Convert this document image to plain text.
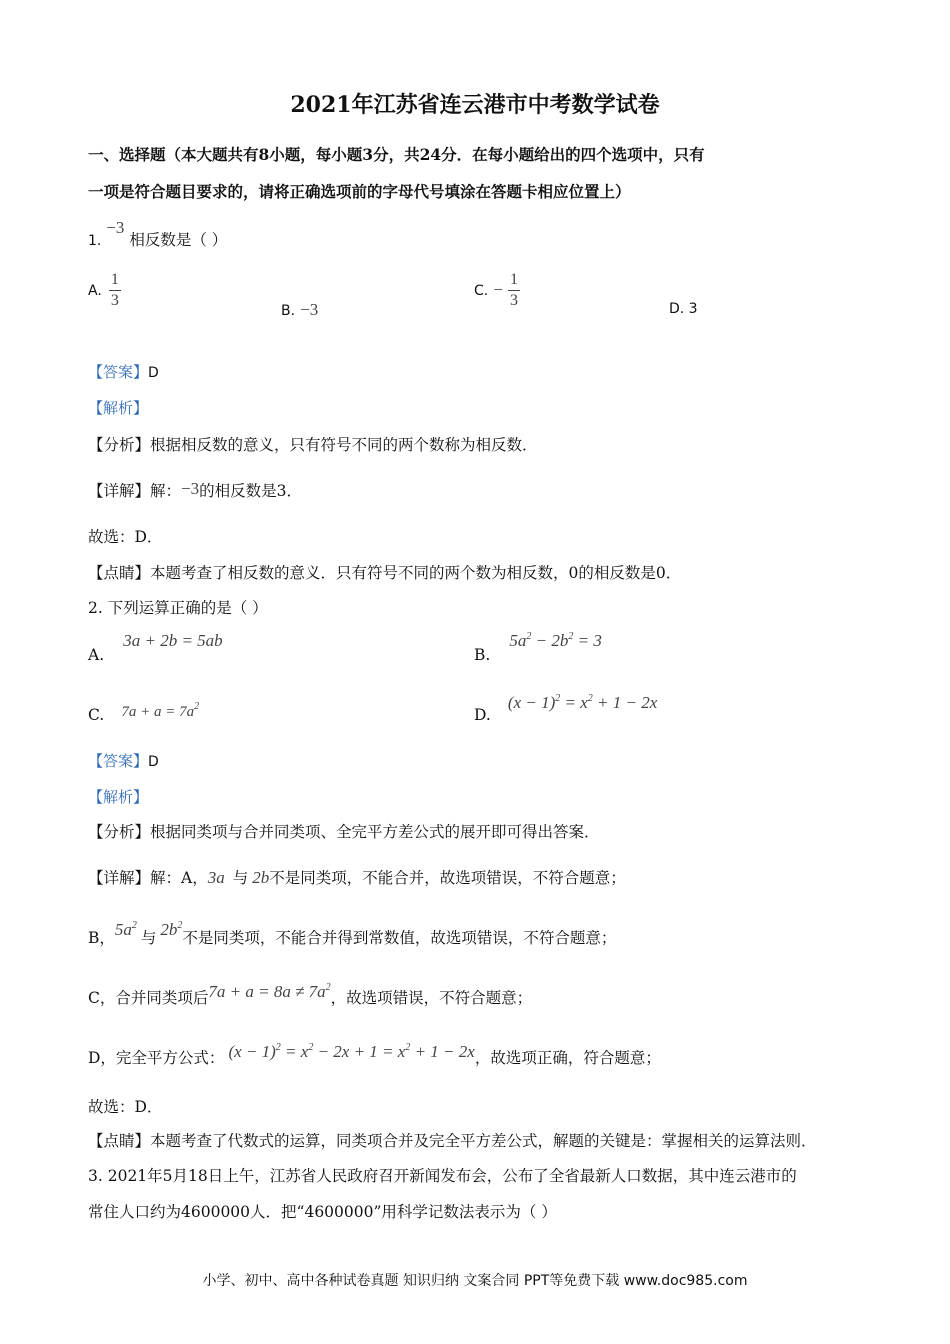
2021年江苏省连云港市中考数学试卷
一、选择题（本大题共有8小题，每小题3分，共24分．在每小题给出的四个选项中，只有
一项是符合题目要求的，请将正确选项前的字母代号填涂在答题卡相应位置上）
1. −3 相反数是（ ）
A. $\frac{1}{3}$
B. −3
C. − $\frac{1}{3}$	D. 3
【答案】D
【解析】
【分析】根据相反数的意义，只有符号不同的两个数称为相反数．
【详解】解：−3的相反数是3．
故选：D．
【点睛】本题考查了相反数的意义．只有符号不同的两个数为相反数，0的相反数是0．
2. 下列运算正确的是（ ）
A. 3a + 2b = 5ab
B. $5a^2 - 2b^2 = 3$
C. $7a + a = 7a^2$	D. $(x - 1)^2 = x^2 + 1 - 2x$
【答案】D
【解析】
【分析】根据同类项与合并同类项、全完平方差公式的展开即可得出答案．
【详解】解：A，3a 与 2b不是同类项，不能合并，故选项错误，不符合题意；
B，$5a^2$与 $2b^2$不是同类项，不能合并得到常数值，故选项错误，不符合题意；
C，合并同类项后$7a + a = 8a \ne 7a^2$，故选项错误，不符合题意；
D，完全平方公式： $(x - 1)^2 = x^2 - 2x + 1 = x^2 + 1 - 2x$，故选项正确，符合题意；
故选：D．
【点睛】本题考查了代数式的运算，同类项合并及完全平方差公式，解题的关键是：掌握相关的运算法则．
3. 2021年5月18日上午，江苏省人民政府召开新闻发布会，公布了全省最新人口数据，其中连云港市的
常住人口约为4600000人．把“4600000”用科学记数法表示为（ ）
小学、初中、高中各种试卷真题 知识归纳 文案合同 PPT等免费下载 www.doc985.com
